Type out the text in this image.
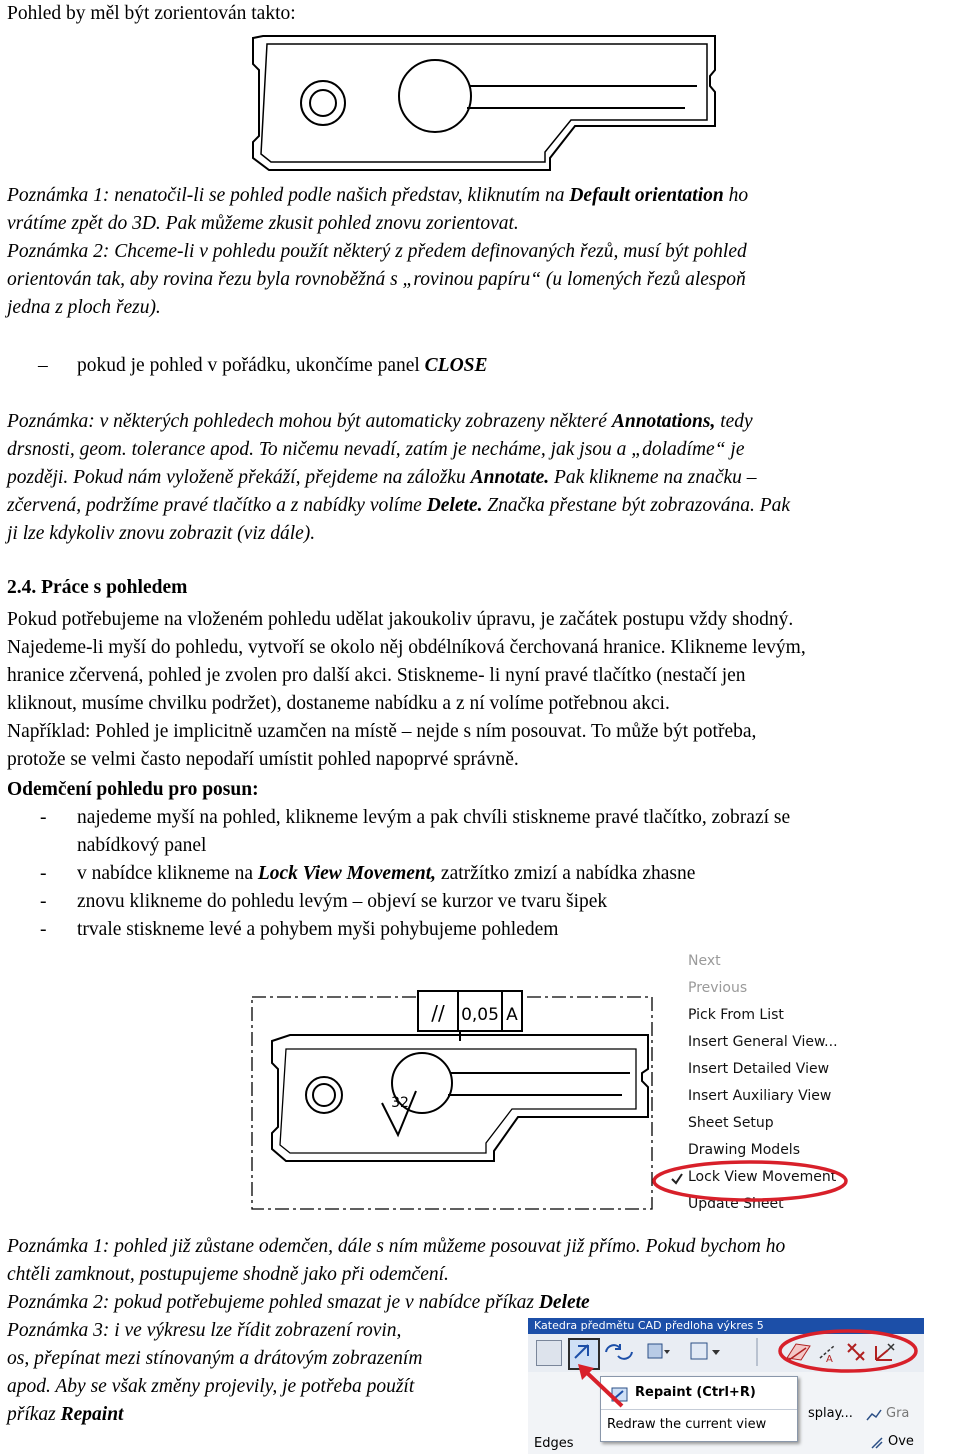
Pohled by měl být zorientován takto:
Poznámka 1: nenatočil-li se pohled podle našich představ, kliknutím na Default orientation ho
vrátíme zpět do 3D. Pak můžeme zkusit pohled znovu zorientovat.
Poznámka 2: Chceme-li v pohledu použít některý z předem definovaných řezů, musí být pohled
orientován tak, aby rovina řezu byla rovnoběžná s „rovinou papíru“ (u lomených řezů alespoň
jedna z ploch řezu).
– pokud je pohled v pořádku, ukončíme panel CLOSE
Poznámka: v některých pohledech mohou být automaticky zobrazeny některé Annotations, tedy
drsnosti, geom. tolerance apod. To ničemu nevadí, zatím je necháme, jak jsou a „doladíme“ je
později. Pokud nám vyloženě překáží, přejdeme na záložku Annotate. Pak klikneme na značku –
zčervená, podržíme pravé tlačítko a z nabídky volíme Delete. Značka přestane být zobrazována. Pak
ji lze kdykoliv znovu zobrazit (viz dále).
2.4. Práce s pohledem
Pokud potřebujeme na vloženém pohledu udělat jakoukoliv úpravu, je začátek postupu vždy shodný.
Najedeme-li myší do pohledu, vytvoří se okolo něj obdélníková čerchovaná hranice. Klikneme levým,
hranice zčervená, pohled je zvolen pro další akci. Stiskneme- li nyní pravé tlačítko (nestačí jen
kliknout, musíme chvilku podržet), dostaneme nabídku a z ní volíme potřebnou akci.
Například: Pohled je implicitně uzamčen na místě – nejde s ním posouvat. To může být potřeba,
protože se velmi často nepodaří umístit pohled napoprvé správně.
Odemčení pohledu pro posun:
- najedeme myší na pohled, klikneme levým a pak chvíli stiskneme pravé tlačítko, zobrazí se
nabídkový panel
- v nabídce klikneme na Lock View Movement, zatržítko zmizí a nabídka zhasne
- znovu klikneme do pohledu levým – objeví se kurzor ve tvaru šipek
- trvale stiskneme levé a pohybem myši pohybujeme pohledem
// 0,05 A
32
Next
Previous
Pick From List
Insert General View...
Insert Detailed View
Insert Auxiliary View
Sheet Setup
Drawing Models
Lock View Movement
Update Sheet
Poznámka 1: pohled již zůstane odemčen, dále s ním můžeme posouvat již přímo. Pokud bychom ho
chtěli zamknout, postupujeme shodně jako při odemčení.
Poznámka 2: pokud potřebujeme pohled smazat je v nabídce příkaz Delete
Poznámka 3: i ve výkresu lze řídit zobrazení rovin,
os, přepínat mezi stínovaným a drátovým zobrazením
apod. Aby se však změny projevily, je potřeba použít
příkaz Repaint
Katedra předmětu CAD předloha výkres 5
A
Repaint (Ctrl+R)
Redraw the current view
splay...	Gra
Ove
Edges
